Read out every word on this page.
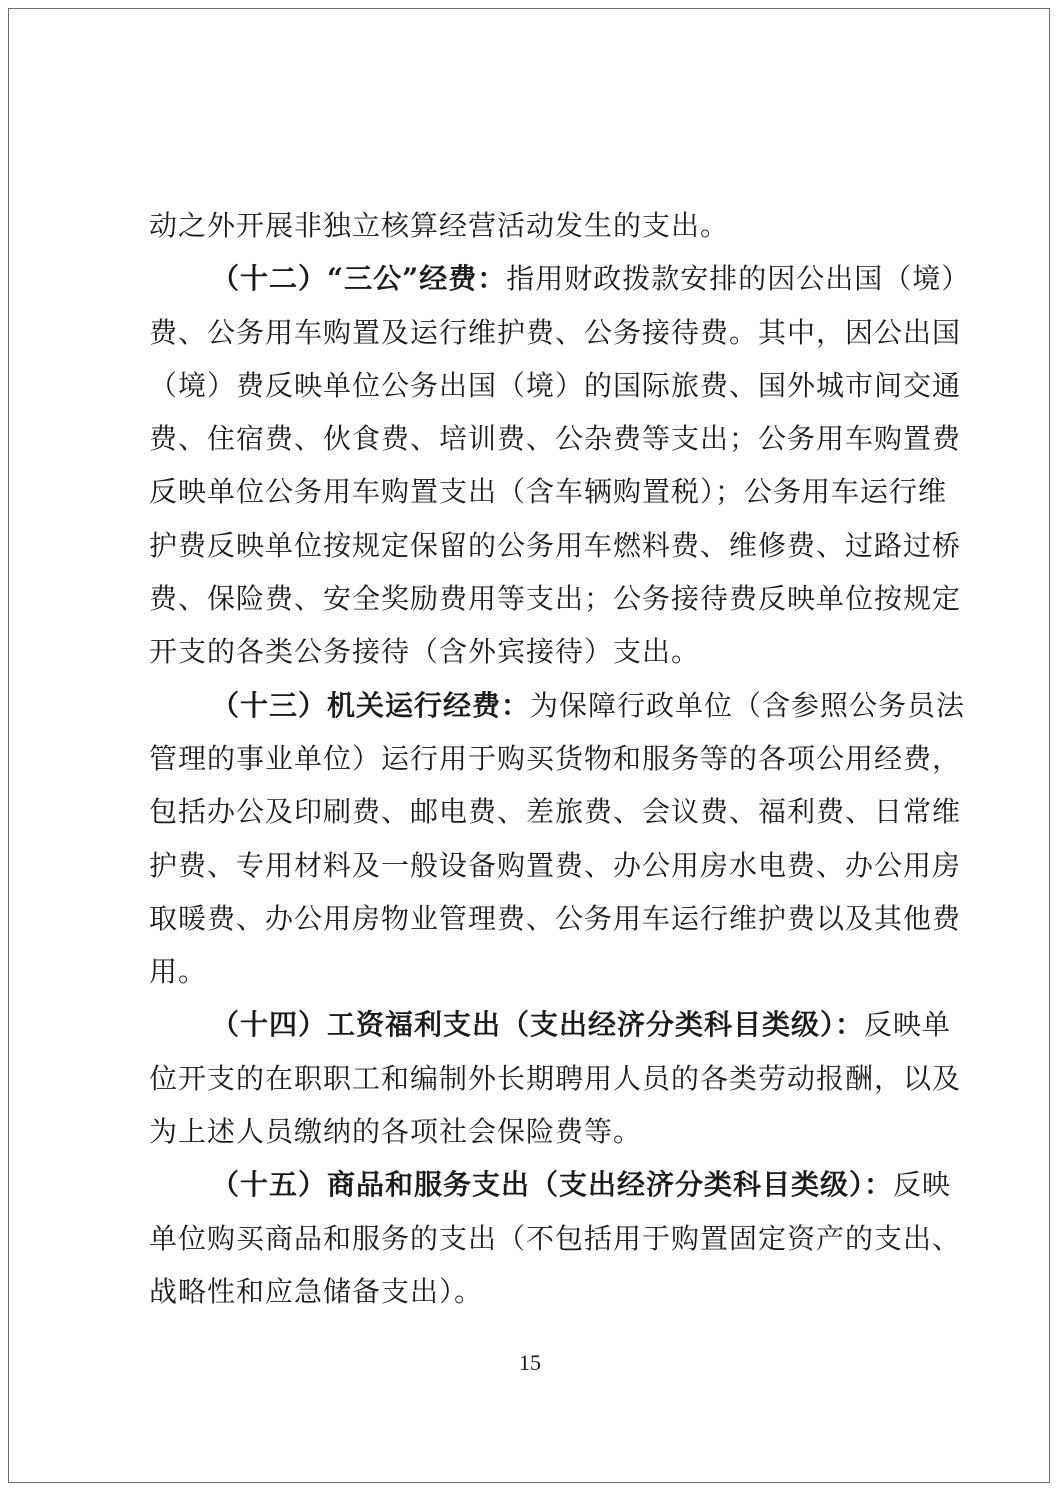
动之外开展非独立核算经营活动发生的支出。
（十二）“三公”经费：指用财政拨款安排的因公出国（境）
费、公务用车购置及运行维护费、公务接待费。其中，因公出国
（境）费反映单位公务出国（境）的国际旅费、国外城市间交通
费、住宿费、伙食费、培训费、公杂费等支出；公务用车购置费
反映单位公务用车购置支出（含车辆购置税）；公务用车运行维
护费反映单位按规定保留的公务用车燃料费、维修费、过路过桥
费、保险费、安全奖励费用等支出；公务接待费反映单位按规定
开支的各类公务接待（含外宾接待）支出。
（十三）机关运行经费：为保障行政单位（含参照公务员法
管理的事业单位）运行用于购买货物和服务等的各项公用经费，
包括办公及印刷费、邮电费、差旅费、会议费、福利费、日常维
护费、专用材料及一般设备购置费、办公用房水电费、办公用房
取暖费、办公用房物业管理费、公务用车运行维护费以及其他费
用。
（十四）工资福利支出（支出经济分类科目类级）：反映单
位开支的在职职工和编制外长期聘用人员的各类劳动报酬，以及
为上述人员缴纳的各项社会保险费等。
（十五）商品和服务支出（支出经济分类科目类级）：反映
单位购买商品和服务的支出（不包括用于购置固定资产的支出、
战略性和应急储备支出）。
15
